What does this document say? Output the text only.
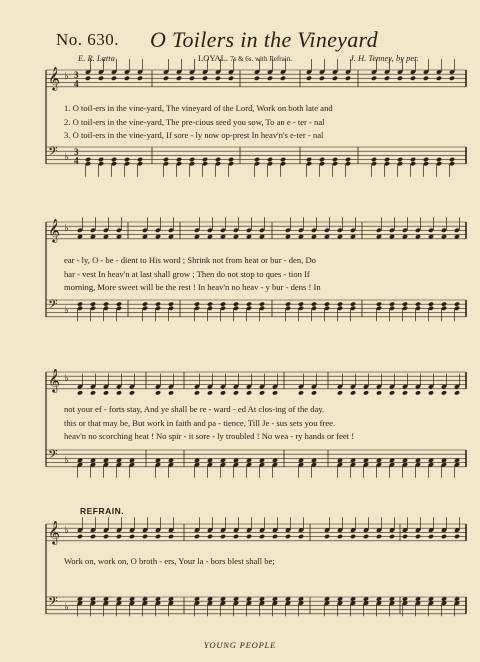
No. 630. O Toilers in the Vineyard
E. R. Latta	LOYAL. 7s & 6s. with Refrain.	J. H. Tenney, by per.
𝄞 ♭ 3
4
𝄢 ♭ 3
4
𝄞 ♭
𝄢 ♭
𝄞 ♭
𝄢 ♭
𝄞 ♭
𝄢 ♭
1. O toil-ers in the vine-yard, The vineyard of the Lord, Work on both late and
2. O toil-ers in the vine-yard, The pre-cious seed you sow, To an e - ter - nal
3. O toil-ers in the vine-yard, If sore - ly now op-prest In heav'n's e-ter - nal
ear - ly, O - be - dient to His word ; Shrink not from heat or bur - den, Do
har - vest In heav'n at last shall grow ; Then do not stop to ques - tion If
morning, More sweet will be the rest ! In heav'n no heav - y bur - dens ! In
not your ef - forts stay, And ye shall be re - ward - ed At clos-ing of the day.
this or that may be, But work in faith and pa - tience, Till Je - sus sets you free.
heav'n no scorching heat ! No spir - it sore - ly troubled ! No wea - ry hands or feet !
REFRAIN.
Work on, work on, O broth - ers, Your la - bors blest shall be;
YOUNG PEOPLE
